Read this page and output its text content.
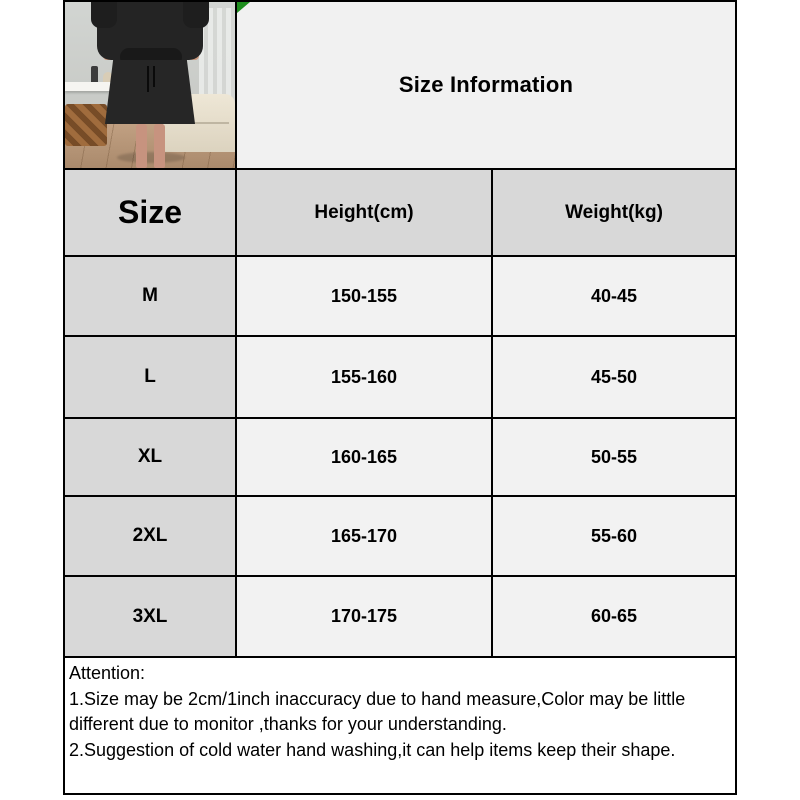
Size Information
Size	Height(cm)	Weight(kg)
M	150-155	40-45
L	155-160	45-50
XL	160-165	50-55
2XL	165-170	55-60
3XL	170-175	60-65

Attention:

1.Size may be 2cm/1inch inaccuracy due to hand measure,Color may be little different due to monitor ,thanks for your understanding.

2.Suggestion of cold water hand washing,it can help items keep their shape.
